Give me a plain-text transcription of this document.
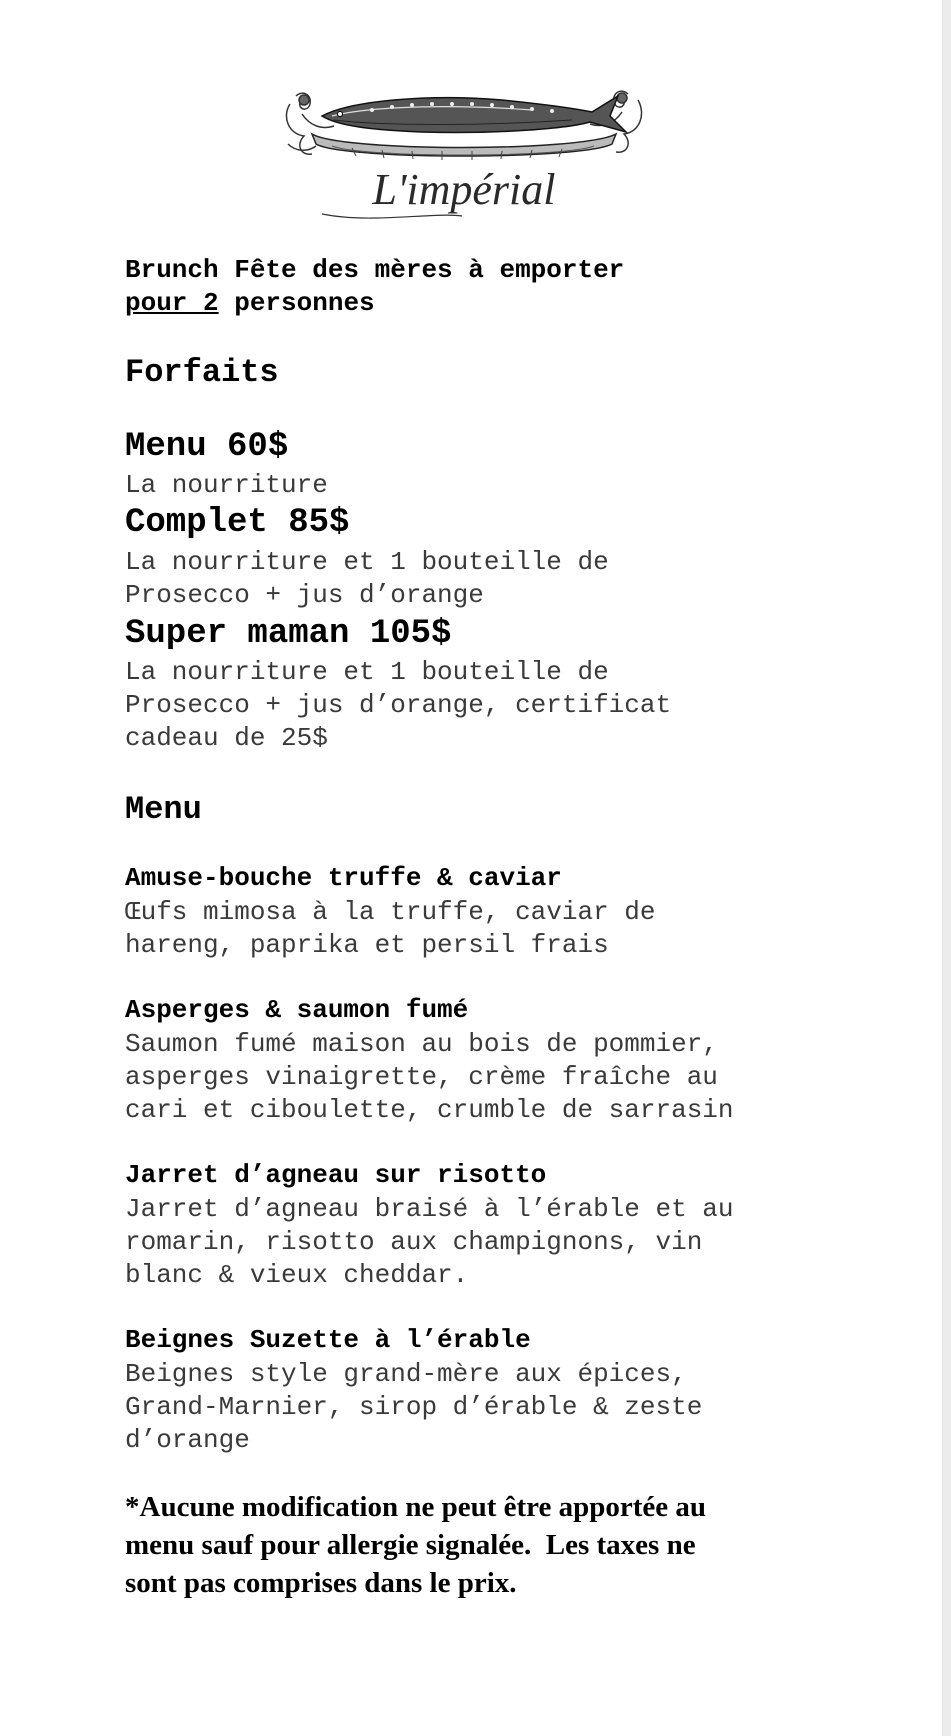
L'impérial
Brunch Fête des mères à emporter
pour 2 personnes
Forfaits
Menu 60$
La nourriture
Complet 85$
La nourriture et 1 bouteille de
Prosecco + jus d’orange
Super maman 105$
La nourriture et 1 bouteille de
Prosecco + jus d’orange, certificat
cadeau de 25$
Menu
Amuse-bouche truffe & caviar
Œufs mimosa à la truffe, caviar de
hareng, paprika et persil frais
Asperges & saumon fumé
Saumon fumé maison au bois de pommier,
asperges vinaigrette, crème fraîche au
cari et ciboulette, crumble de sarrasin
Jarret d’agneau sur risotto
Jarret d’agneau braisé à l’érable et au
romarin, risotto aux champignons, vin
blanc & vieux cheddar.
Beignes Suzette à l’érable
Beignes style grand-mère aux épices,
Grand-Marnier, sirop d’érable & zeste
d’orange
*Aucune modification ne peut être apportée au
menu sauf pour allergie signalée.  Les taxes ne
sont pas comprises dans le prix.
